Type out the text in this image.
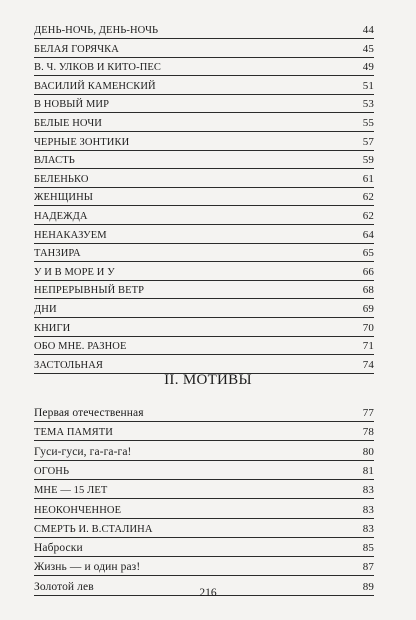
ДЕНЬ-НОЧЬ, ДЕНЬ-НОЧЬ	44
БЕЛАЯ ГОРЯЧКА	45
В. Ч. УЛКОВ И КИТО-ПЕС	49
ВАСИЛИЙ КАМЕНСКИЙ	51
В НОВЫЙ МИР	53
БЕЛЫЕ НОЧИ	55
ЧЕРНЫЕ ЗОНТИКИ	57
ВЛАСТЬ	59
БЕЛЕНЬКО	61
ЖЕНЩИНЫ	62
НАДЕЖДА	62
НЕНАКАЗУЕМ	64
ТАНЗИРА	65
У И В МОРЕ И У	66
НЕПРЕРЫВНЫЙ ВЕТР	68
ДНИ	69
КНИГИ	70
ОБО МНЕ. РАЗНОЕ	71
ЗАСТОЛЬНАЯ	74
II. МОТИВЫ
Первая отечественная	77
ТЕМА ПАМЯТИ	78
Гуси-гуси, га-га-га!	80
ОГОНЬ	81
МНЕ — 15 ЛЕТ	83
НЕОКОНЧЕННОЕ	83
СМЕРТЬ И. В.СТАЛИНА	83
Наброски	85
Жизнь — и один раз!	87
Золотой лев	89
216
